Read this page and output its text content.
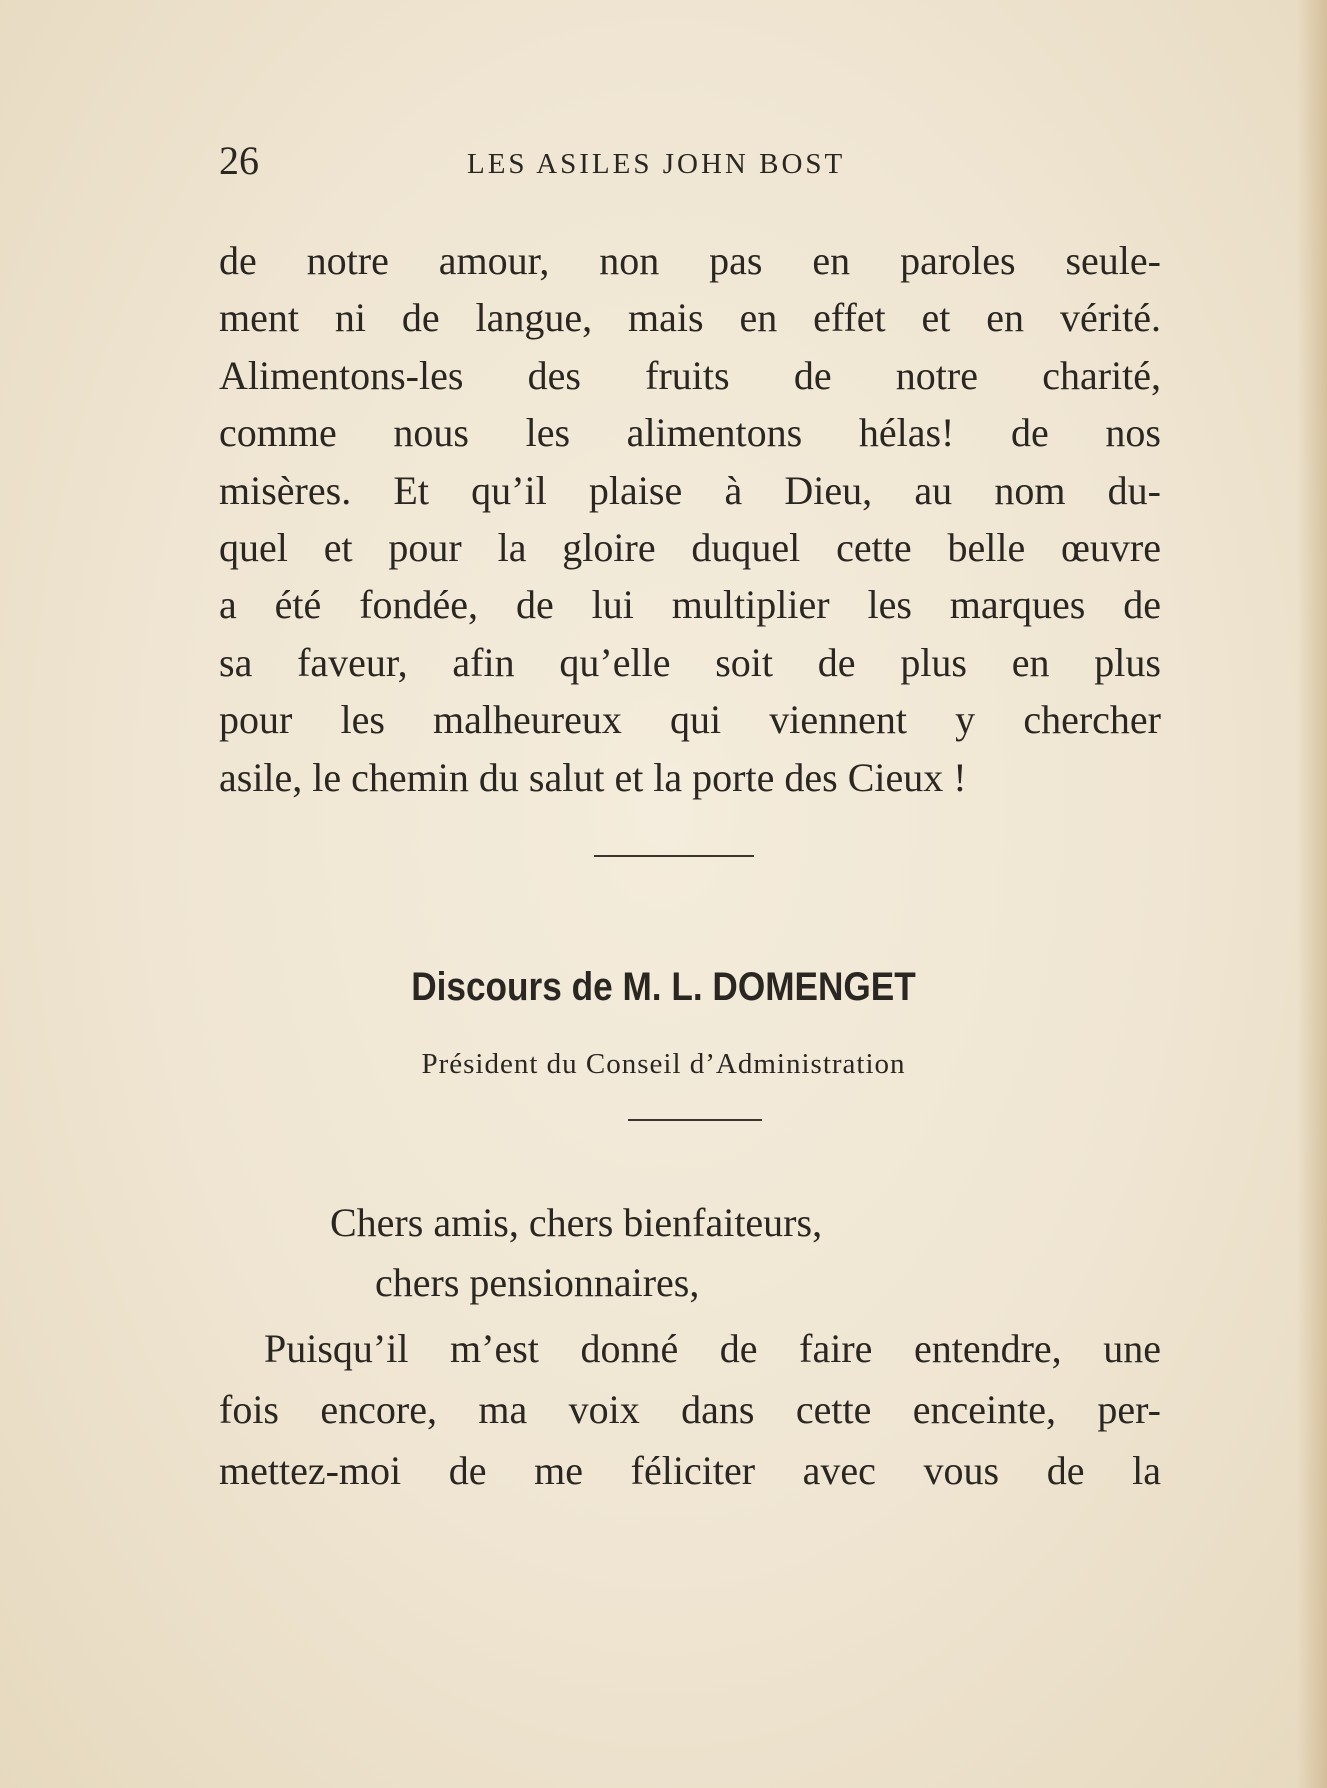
26	LES ASILES JOHN BOST
de notre amour, non pas en paroles seule-
ment ni de langue, mais en effet et en vérité.
Alimentons-les des fruits de notre charité,
comme nous les alimentons hélas! de nos
misères. Et qu’il plaise à Dieu, au nom du-
quel et pour la gloire duquel cette belle œuvre
a été fondée, de lui multiplier les marques de
sa faveur, afin qu’elle soit de plus en plus
pour les malheureux qui viennent y chercher
asile, le chemin du salut et la porte des Cieux !
Discours de M. L. DOMENGET
Président du Conseil d’Administration
Chers amis, chers bienfaiteurs,
chers pensionnaires,
Puisqu’il m’est donné de faire entendre, une
fois encore, ma voix dans cette enceinte, per-
mettez-moi de me féliciter avec vous de la
